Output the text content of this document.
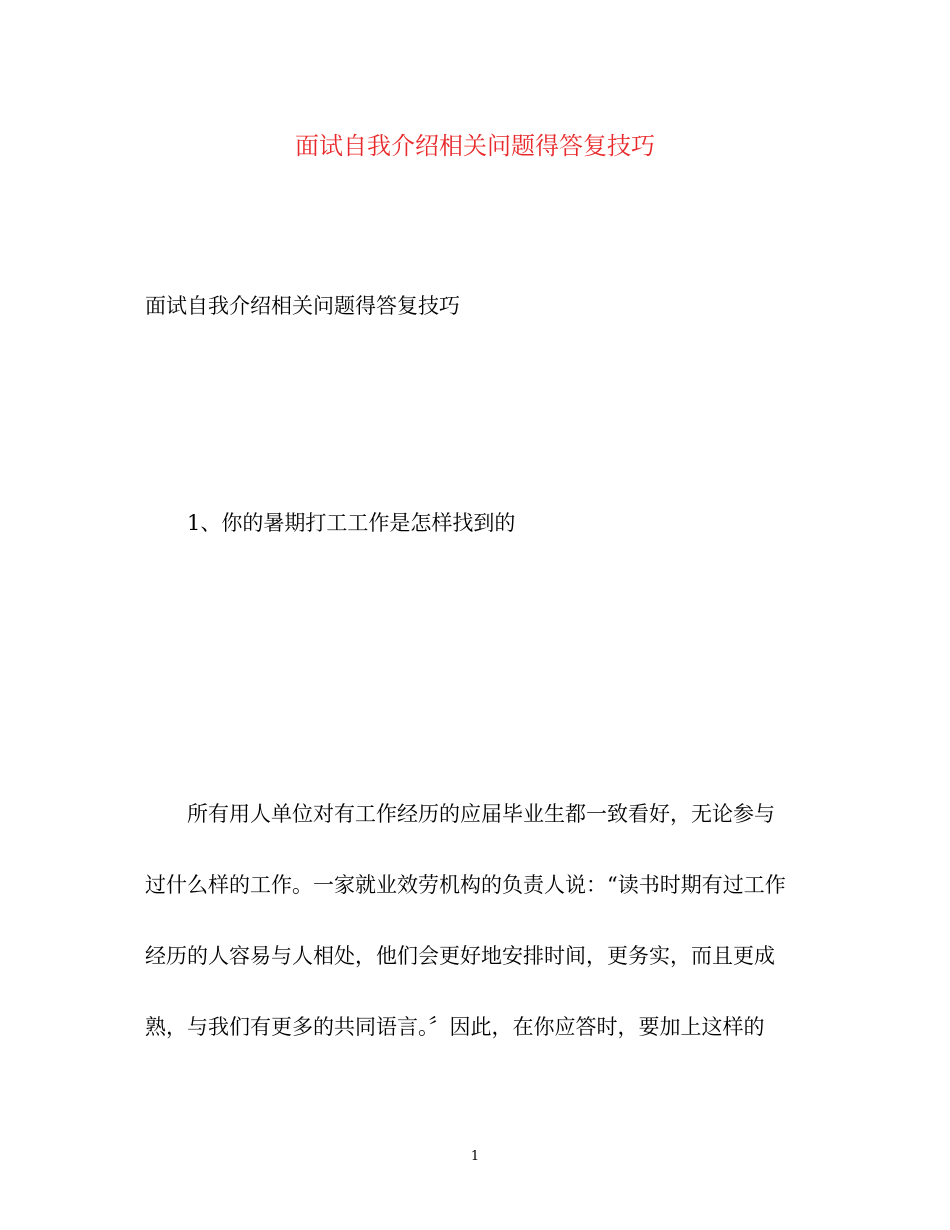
面试自我介绍相关问题得答复技巧
面试自我介绍相关问题得答复技巧
1、你的暑期打工工作是怎样找到的
所有用人单位对有工作经历的应届毕业生都一致看好，无论参与
过什么样的工作。一家就业效劳机构的负责人说：“读书时期有过工作
经历的人容易与人相处，他们会更好地安排时间，更务实，而且更成
熟，与我们有更多的共同语言。〞因此，在你应答时，要加上这样的
1
